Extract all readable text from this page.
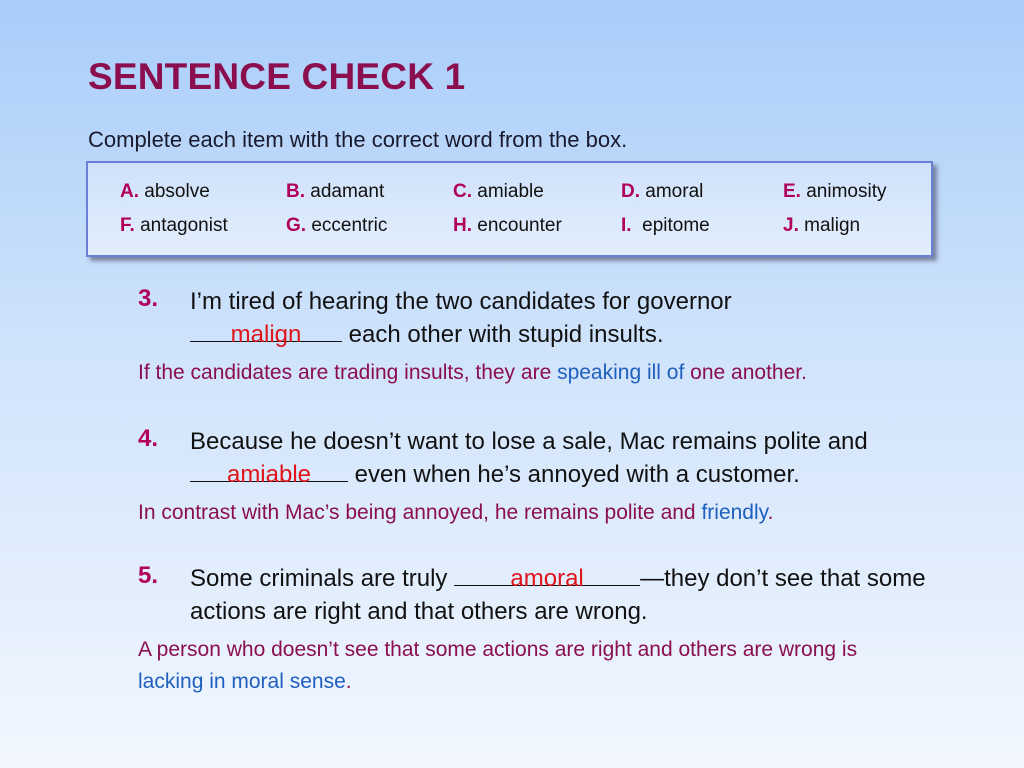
SENTENCE CHECK 1
Complete each item with the correct word from the box.
A. absolve	B. adamant	C. amiable	D. amoral	E. animosity
F. antagonist	G. eccentric	H. encounter	I. epitome	J. malign
3. I’m tired of hearing the two candidates for governor

malign	each other with stupid insults.
If the candidates are trading insults, they are speaking ill of one another.
4. Because he doesn’t want to lose a sale, Mac remains polite and
amiable	even when he’s annoyed with a customer.
In contrast with Mac’s being annoyed, he remains polite and friendly.
5. Some criminals are truly	amoral	—they don’t see that some actions are right and that others are wrong.
A person who doesn’t see that some actions are right and others are wrong is lacking in moral sense.
